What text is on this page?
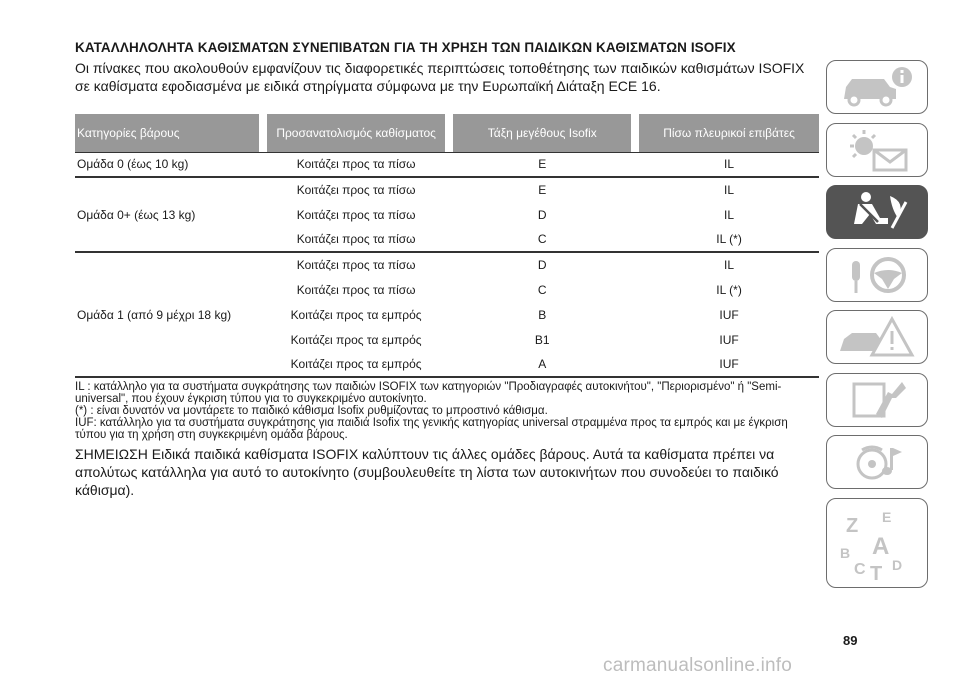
ΚΑΤΑΛΛΗΛΟΛΗΤΑ ΚΑΘΙΣΜΑΤΩΝ ΣΥΝΕΠΙΒΑΤΩΝ ΓΙΑ ΤΗ ΧΡΗΣΗ ΤΩΝ ΠΑΙΔΙΚΩΝ ΚΑΘΙΣΜΑΤΩΝ ISOFIX
Οι πίνακες που ακολουθούν εμφανίζουν τις διαφορετικές περιπτώσεις τοποθέτησης των παιδικών καθισμάτων ISOFIX σε καθίσματα εφοδιασμένα με ειδικά στηρίγματα σύμφωνα με την Ευρωπαϊκή Διάταξη ECE 16.
Κατηγορίες βάρους		Προσανατολισμός καθίσματος		Τάξη μεγέθους Isofix		Πίσω πλευρικοί επιβάτες
Ομάδα 0 (έως 10 kg)		Κοιτάζει προς τα πίσω		E		IL
Ομάδα 0+ (έως 13 kg)		Κοιτάζει προς τα πίσω		E		IL
		Κοιτάζει προς τα πίσω		D		IL
		Κοιτάζει προς τα πίσω		C		IL (*)
Ομάδα 1 (από 9 μέχρι 18 kg)		Κοιτάζει προς τα πίσω		D		IL
		Κοιτάζει προς τα πίσω		C		IL (*)
		Κοιτάζει προς τα εμπρός		B		IUF
		Κοιτάζει προς τα εμπρός		B1		IUF
		Κοιτάζει προς τα εμπρός		A		IUF

IL : κατάλληλο για τα συστήματα συγκράτησης των παιδιών ISOFIX των κατηγοριών "Προδιαγραφές αυτοκινήτου", "Περιορισμένο" ή "Semi-universal", που έχουν έγκριση τύπου για το συγκεκριμένο αυτοκίνητο.

(*) : είναι δυνατόν να μοντάρετε το παιδικό κάθισμα Isofix ρυθμίζοντας το μπροστινό κάθισμα.

IUF: κατάλληλο για τα συστήματα συγκράτησης για παιδιά Isofix της γενικής κατηγορίας universal στραμμένα προς τα εμπρός και με έγκριση τύπου για τη χρήση στη συγκεκριμένη ομάδα βάρους.

ΣΗΜΕΙΩΣΗ Ειδικά παιδικά καθίσματα ISOFIX καλύπτουν τις άλλες ομάδες βάρους. Αυτά τα καθίσματα πρέπει να απολύτως κατάλληλα για αυτό το αυτοκίνητο (συμβουλευθείτε τη λίστα των αυτοκινήτων που συνοδεύει το παιδικό κάθισμα).
Z E
B A
C T D
89
carmanualsonline.info
